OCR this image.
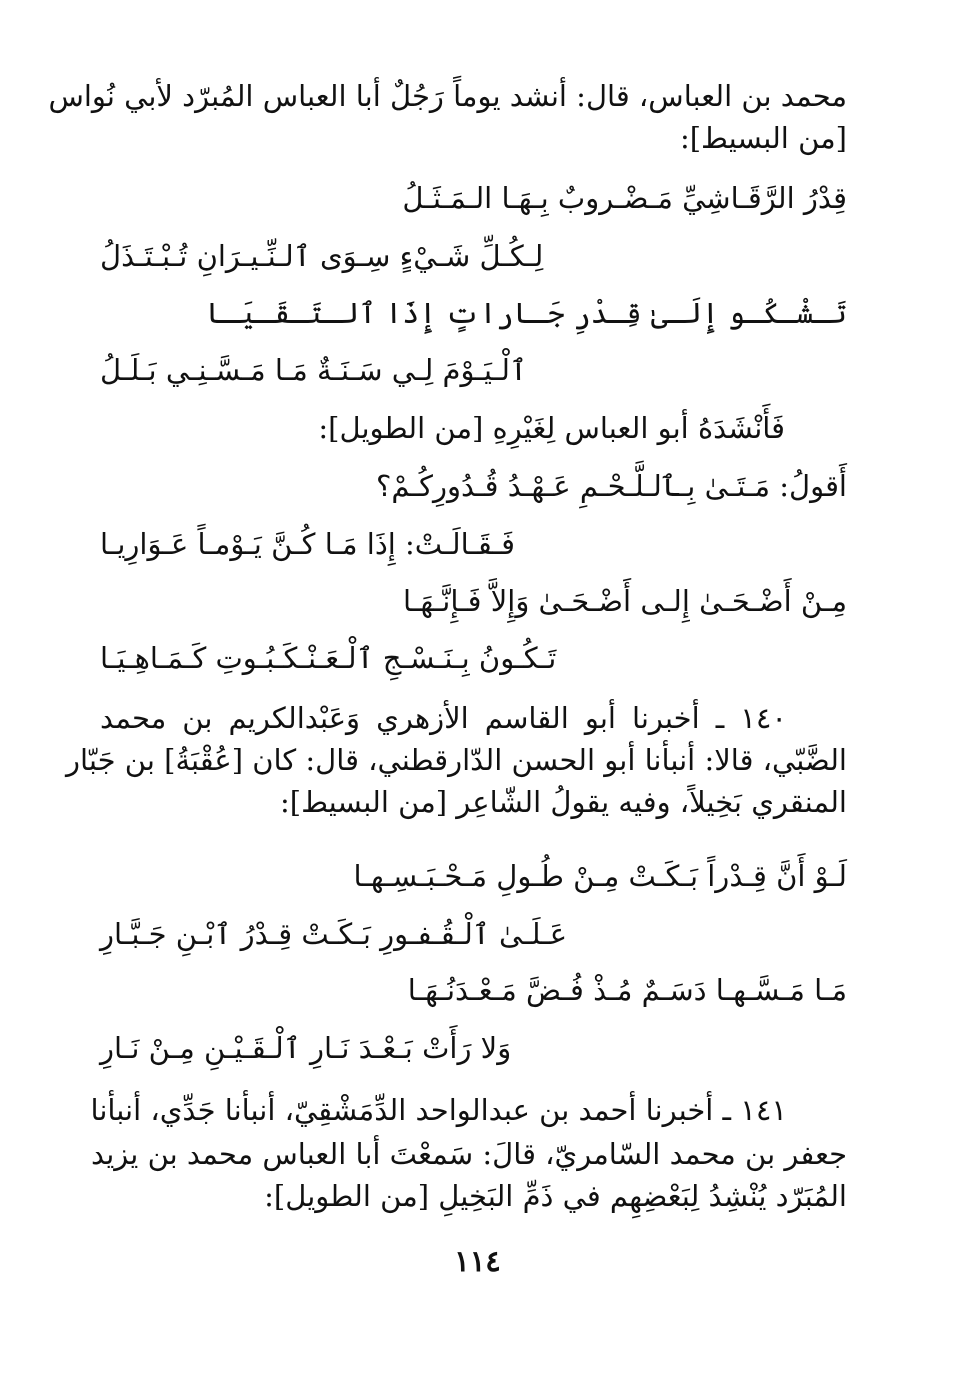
محمد بن العباس، قال: أنشد يوماً رَجُلٌ أبا العباس المُبرّد لأبي نُواس
[من البسيط]:
قِدْرُ الرَّقَـاشِيِّ مَـضْـروبٌ بِـهَـا الـمَـثَـلُ
لِـكُـلِّ شَـيْءٍ سِـوَى ٱلـنِّـيـرَانِ تُـبْـتَـذَلُ
تَـشْـكُـو إِلَـىٰ قِـدْرِ جَـاراتٍ إِذَا ٱلـتَـقَـيَـا
ٱلْـيَـوْمَ لِـي سَـنَـةٌ مَـا مَـسَّـنِـي بَـلَـلُ
فَأَنْشَدَهُ أبو العباس لِغَيْرِهِ [من الطويل]:
أَقولُ: مَـتَـىٰ بِـٱلـلَّـحْـمِ عَـهْـدُ قُـدُورِكُـمْ؟
فَـقَـالَـتْ: إِذَا مَـا كُـنَّ يَـوْمـاً عَـوَارِيـا
مِـنْ أَضْـحَـىٰ إِلـى أَضْـحَـىٰ وَإِلاَّ فَـإِنَّـهَـا
تَـكُـونُ بِـنَـسْـجِ ٱلْـعَـنْـكَـبُـوتِ كَـمَـاهِـيَـا
١٤٠ ـ أخبرنا أبو القاسم الأزهري وَعَبْدالكريم بن محمد
الضَّبّي، قالا: أنبأنا أبو الحسن الدّارقطني، قال: كان [عُقْبَةُ] بن جَبّار
المنقري بَخِيلاً، وفيه يقولُ الشّاعِر [من البسيط]:
لَـوْ أَنَّ قِـدْراً بَـكَـتْ مِـنْ طُـولِ مَـحْـبَـسِـهـا
عَـلَـىٰ ٱلْـقُـفـورِ بَـكَـتْ قِـدْرُ ٱبْـنِ جَـبَّـارِ
مَـا مَـسَّـهـا دَسَـمٌ مُـذْ فُـضَّ مَـعْـدَنُـهَـا
وَلا رَأَتْ بَـعْـدَ نَـارِ ٱلْـقَـيْـنِ مِـنْ نَـارِ
١٤١ ـ أخبرنا أحمد بن عبدالواحد الدِّمَشْقِيّ، أنبأنا جَدِّي، أنبأنا
جعفر بن محمد السّامريّ، قالَ: سَمعْتَ أبا العباس محمد بن يزيد
المُبَرّد يُنْشِدُ لِبَعْضِهِم في ذَمِّ البَخِيلِ [من الطويل]:
١١٤
